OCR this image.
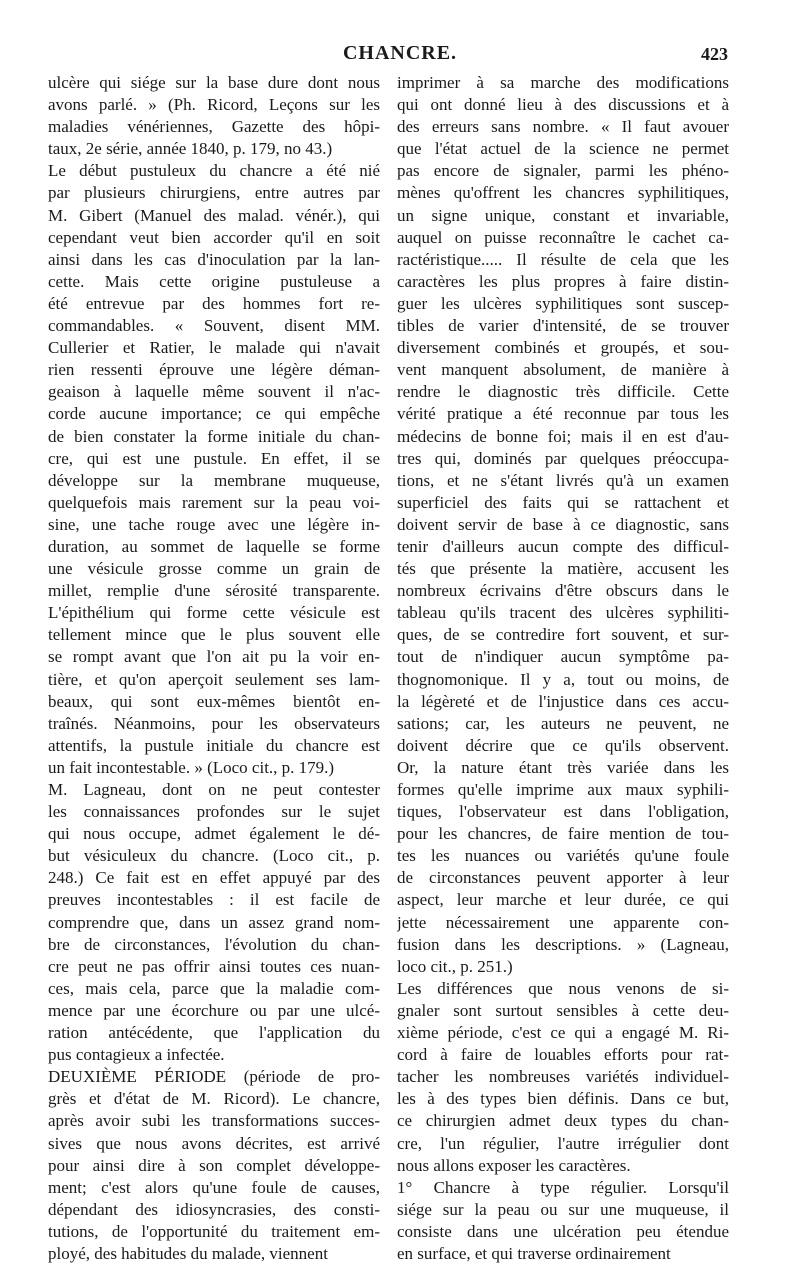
CHANCRE.	423
ulcère qui siége sur la base dure dont nous
avons parlé. » (Ph. Ricord, Leçons sur les
maladies vénériennes, Gazette des hôpi-
taux, 2e série, année 1840, p. 179, no 43.)
Le début pustuleux du chancre a été nié
par plusieurs chirurgiens, entre autres par
M. Gibert (Manuel des malad. vénér.), qui
cependant veut bien accorder qu'il en soit
ainsi dans les cas d'inoculation par la lan-
cette. Mais cette origine pustuleuse a
été entrevue par des hommes fort re-
commandables. « Souvent, disent MM.
Cullerier et Ratier, le malade qui n'avait
rien ressenti éprouve une légère déman-
geaison à laquelle même souvent il n'ac-
corde aucune importance; ce qui empêche
de bien constater la forme initiale du chan-
cre, qui est une pustule. En effet, il se
développe sur la membrane muqueuse,
quelquefois mais rarement sur la peau voi-
sine, une tache rouge avec une légère in-
duration, au sommet de laquelle se forme
une vésicule grosse comme un grain de
millet, remplie d'une sérosité transparente.
L'épithélium qui forme cette vésicule est
tellement mince que le plus souvent elle
se rompt avant que l'on ait pu la voir en-
tière, et qu'on aperçoit seulement ses lam-
beaux, qui sont eux-mêmes bientôt en-
traînés. Néanmoins, pour les observateurs
attentifs, la pustule initiale du chancre est
un fait incontestable. » (Loco cit., p. 179.)
M. Lagneau, dont on ne peut contester
les connaissances profondes sur le sujet
qui nous occupe, admet également le dé-
but vésiculeux du chancre. (Loco cit., p.
248.) Ce fait est en effet appuyé par des
preuves incontestables : il est facile de
comprendre que, dans un assez grand nom-
bre de circonstances, l'évolution du chan-
cre peut ne pas offrir ainsi toutes ces nuan-
ces, mais cela, parce que la maladie com-
mence par une écorchure ou par une ulcé-
ration antécédente, que l'application du
pus contagieux a infectée.
DEUXIÈME PÉRIODE (période de pro-
grès et d'état de M. Ricord). Le chancre,
après avoir subi les transformations succes-
sives que nous avons décrites, est arrivé
pour ainsi dire à son complet développe-
ment; c'est alors qu'une foule de causes,
dépendant des idiosyncrasies, des consti-
tutions, de l'opportunité du traitement em-
ployé, des habitudes du malade, viennent
imprimer à sa marche des modifications
qui ont donné lieu à des discussions et à
des erreurs sans nombre. « Il faut avouer
que l'état actuel de la science ne permet
pas encore de signaler, parmi les phéno-
mènes qu'offrent les chancres syphilitiques,
un signe unique, constant et invariable,
auquel on puisse reconnaître le cachet ca-
ractéristique..... Il résulte de cela que les
caractères les plus propres à faire distin-
guer les ulcères syphilitiques sont suscep-
tibles de varier d'intensité, de se trouver
diversement combinés et groupés, et sou-
vent manquent absolument, de manière à
rendre le diagnostic très difficile. Cette
vérité pratique a été reconnue par tous les
médecins de bonne foi; mais il en est d'au-
tres qui, dominés par quelques préoccupa-
tions, et ne s'étant livrés qu'à un examen
superficiel des faits qui se rattachent et
doivent servir de base à ce diagnostic, sans
tenir d'ailleurs aucun compte des difficul-
tés que présente la matière, accusent les
nombreux écrivains d'être obscurs dans le
tableau qu'ils tracent des ulcères syphiliti-
ques, de se contredire fort souvent, et sur-
tout de n'indiquer aucun symptôme pa-
thognomonique. Il y a, tout ou moins, de
la légèreté et de l'injustice dans ces accu-
sations; car, les auteurs ne peuvent, ne
doivent décrire que ce qu'ils observent.
Or, la nature étant très variée dans les
formes qu'elle imprime aux maux syphili-
tiques, l'observateur est dans l'obligation,
pour les chancres, de faire mention de tou-
tes les nuances ou variétés qu'une foule
de circonstances peuvent apporter à leur
aspect, leur marche et leur durée, ce qui
jette nécessairement une apparente con-
fusion dans les descriptions. » (Lagneau,
loco cit., p. 251.)
Les différences que nous venons de si-
gnaler sont surtout sensibles à cette deu-
xième période, c'est ce qui a engagé M. Ri-
cord à faire de louables efforts pour rat-
tacher les nombreuses variétés individuel-
les à des types bien définis. Dans ce but,
ce chirurgien admet deux types du chan-
cre, l'un régulier, l'autre irrégulier dont
nous allons exposer les caractères.
1° Chancre à type régulier. Lorsqu'il
siége sur la peau ou sur une muqueuse, il
consiste dans une ulcération peu étendue
en surface, et qui traverse ordinairement
